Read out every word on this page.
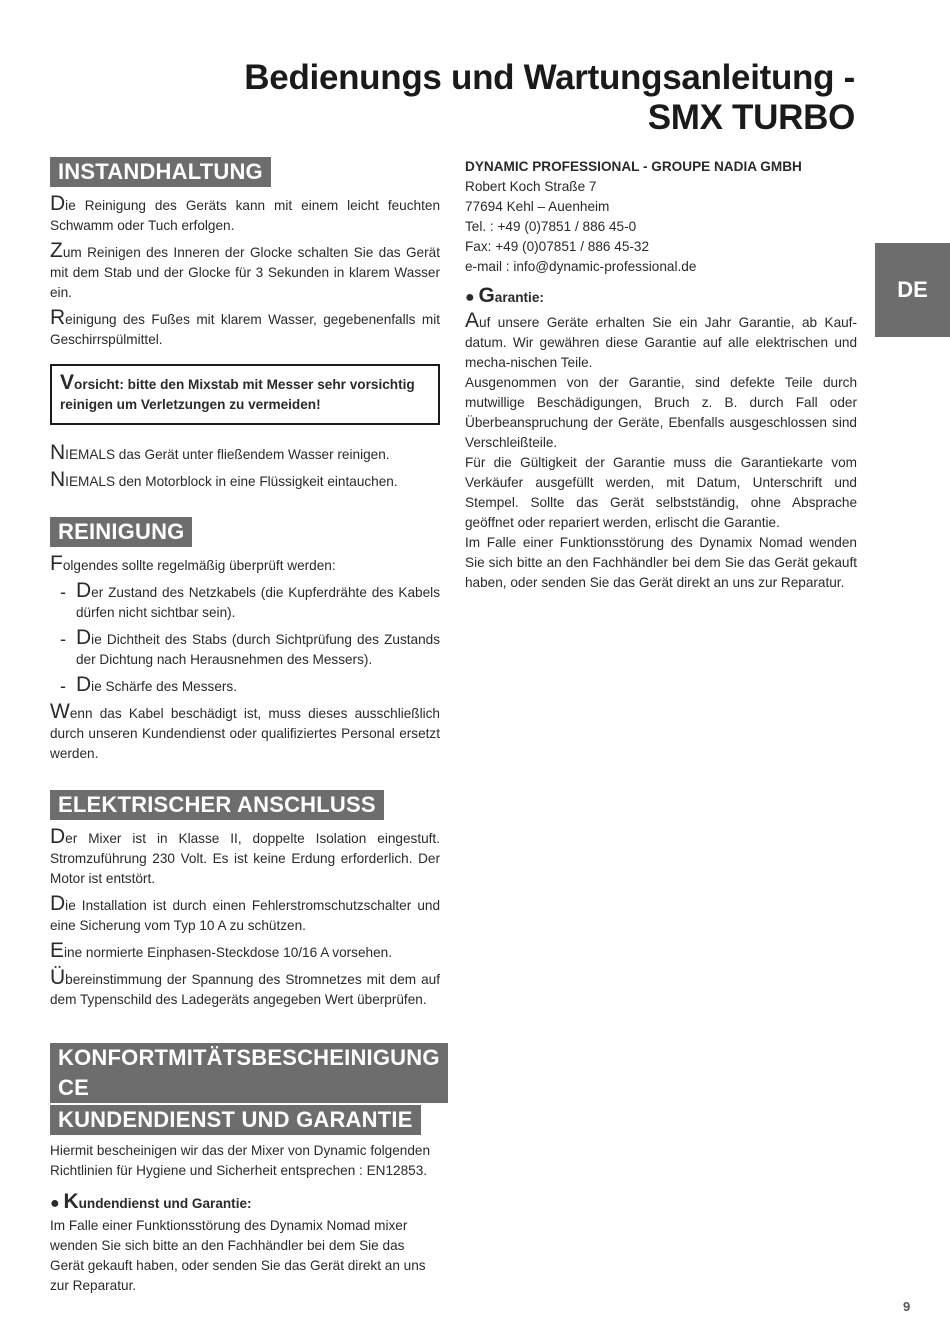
Bedienungs und Wartungsanleitung -
SMX TURBO
DE
INSTANDHALTUNG

Die Reinigung des Geräts kann mit einem leicht feuchten Schwamm oder Tuch erfolgen.

Zum Reinigen des Inneren der Glocke schalten Sie das Gerät mit dem Stab und der Glocke für 3 Sekunden in klarem Wasser ein.

Reinigung des Fußes mit klarem Wasser, gegebenenfalls mit Geschirrspülmittel.

Vorsicht: bitte den Mixstab mit Messer sehr vorsichtig reinigen um Verletzungen zu vermeiden!

NIEMALS das Gerät unter fließendem Wasser reinigen.

NIEMALS den Motorblock in eine Flüssigkeit eintauchen.

REINIGUNG

Folgendes sollte regelmäßig überprüft werden:

- Der Zustand des Netzkabels (die Kupferdrähte des Kabels dürfen nicht sichtbar sein).
- Die Dichtheit des Stabs (durch Sichtprüfung des Zustands der Dichtung nach Herausnehmen des Messers).
- Die Schärfe des Messers.

Wenn das Kabel beschädigt ist, muss dieses ausschließlich durch unseren Kundendienst oder qualifiziertes Personal ersetzt werden.

ELEKTRISCHER ANSCHLUSS

Der Mixer ist in Klasse II, doppelte Isolation eingestuft. Stromzuführung 230 Volt. Es ist keine Erdung erforderlich. Der Motor ist entstört.

Die Installation ist durch einen Fehlerstromschutzschalter und eine Sicherung vom Typ 10 A zu schützen.

Eine normierte Einphasen-Steckdose 10/16 A vorsehen.

Übereinstimmung der Spannung des Stromnetzes mit dem auf dem Typenschild des Ladegeräts angegeben Wert überprüfen.

KONFORTMITÄTSBESCHEINIGUNG CE
KUNDENDIENST UND GARANTIE

Hiermit bescheinigen wir das der Mixer von Dynamic folgenden Richtlinien für Hygiene und Sicherheit entsprechen : EN12853.

● Kundendienst und Garantie:

Im Falle einer Funktionsstörung des Dynamix Nomad mixer wenden Sie sich bitte an den Fachhändler bei dem Sie das Gerät gekauft haben, oder senden Sie das Gerät direkt an uns zur Reparatur.

DYNAMIC PROFESSIONAL - GROUPE NADIA GMBH
Robert Koch Straße 7
77694 Kehl – Auenheim
Tel. : +49 (0)7851 / 886 45-0
Fax: +49 (0)07851 / 886 45-32
e-mail : info@dynamic-professional.de
● Garantie:

Auf unsere Geräte erhalten Sie ein Jahr Garantie, ab Kauf-datum. Wir gewähren diese Garantie auf alle elektrischen und mecha-nischen Teile.

Ausgenommen von der Garantie, sind defekte Teile durch mutwillige Beschädigungen, Bruch z. B. durch Fall oder Überbeanspruchung der Geräte, Ebenfalls ausgeschlossen sind Verschleißteile.

Für die Gültigkeit der Garantie muss die Garantiekarte vom Verkäufer ausgefüllt werden, mit Datum, Unterschrift und Stempel. Sollte das Gerät selbstständig, ohne Absprache geöffnet oder repariert werden, erlischt die Garantie.

Im Falle einer Funktionsstörung des Dynamix Nomad wenden Sie sich bitte an den Fachhändler bei dem Sie das Gerät gekauft haben, oder senden Sie das Gerät direkt an uns zur Reparatur.

9
